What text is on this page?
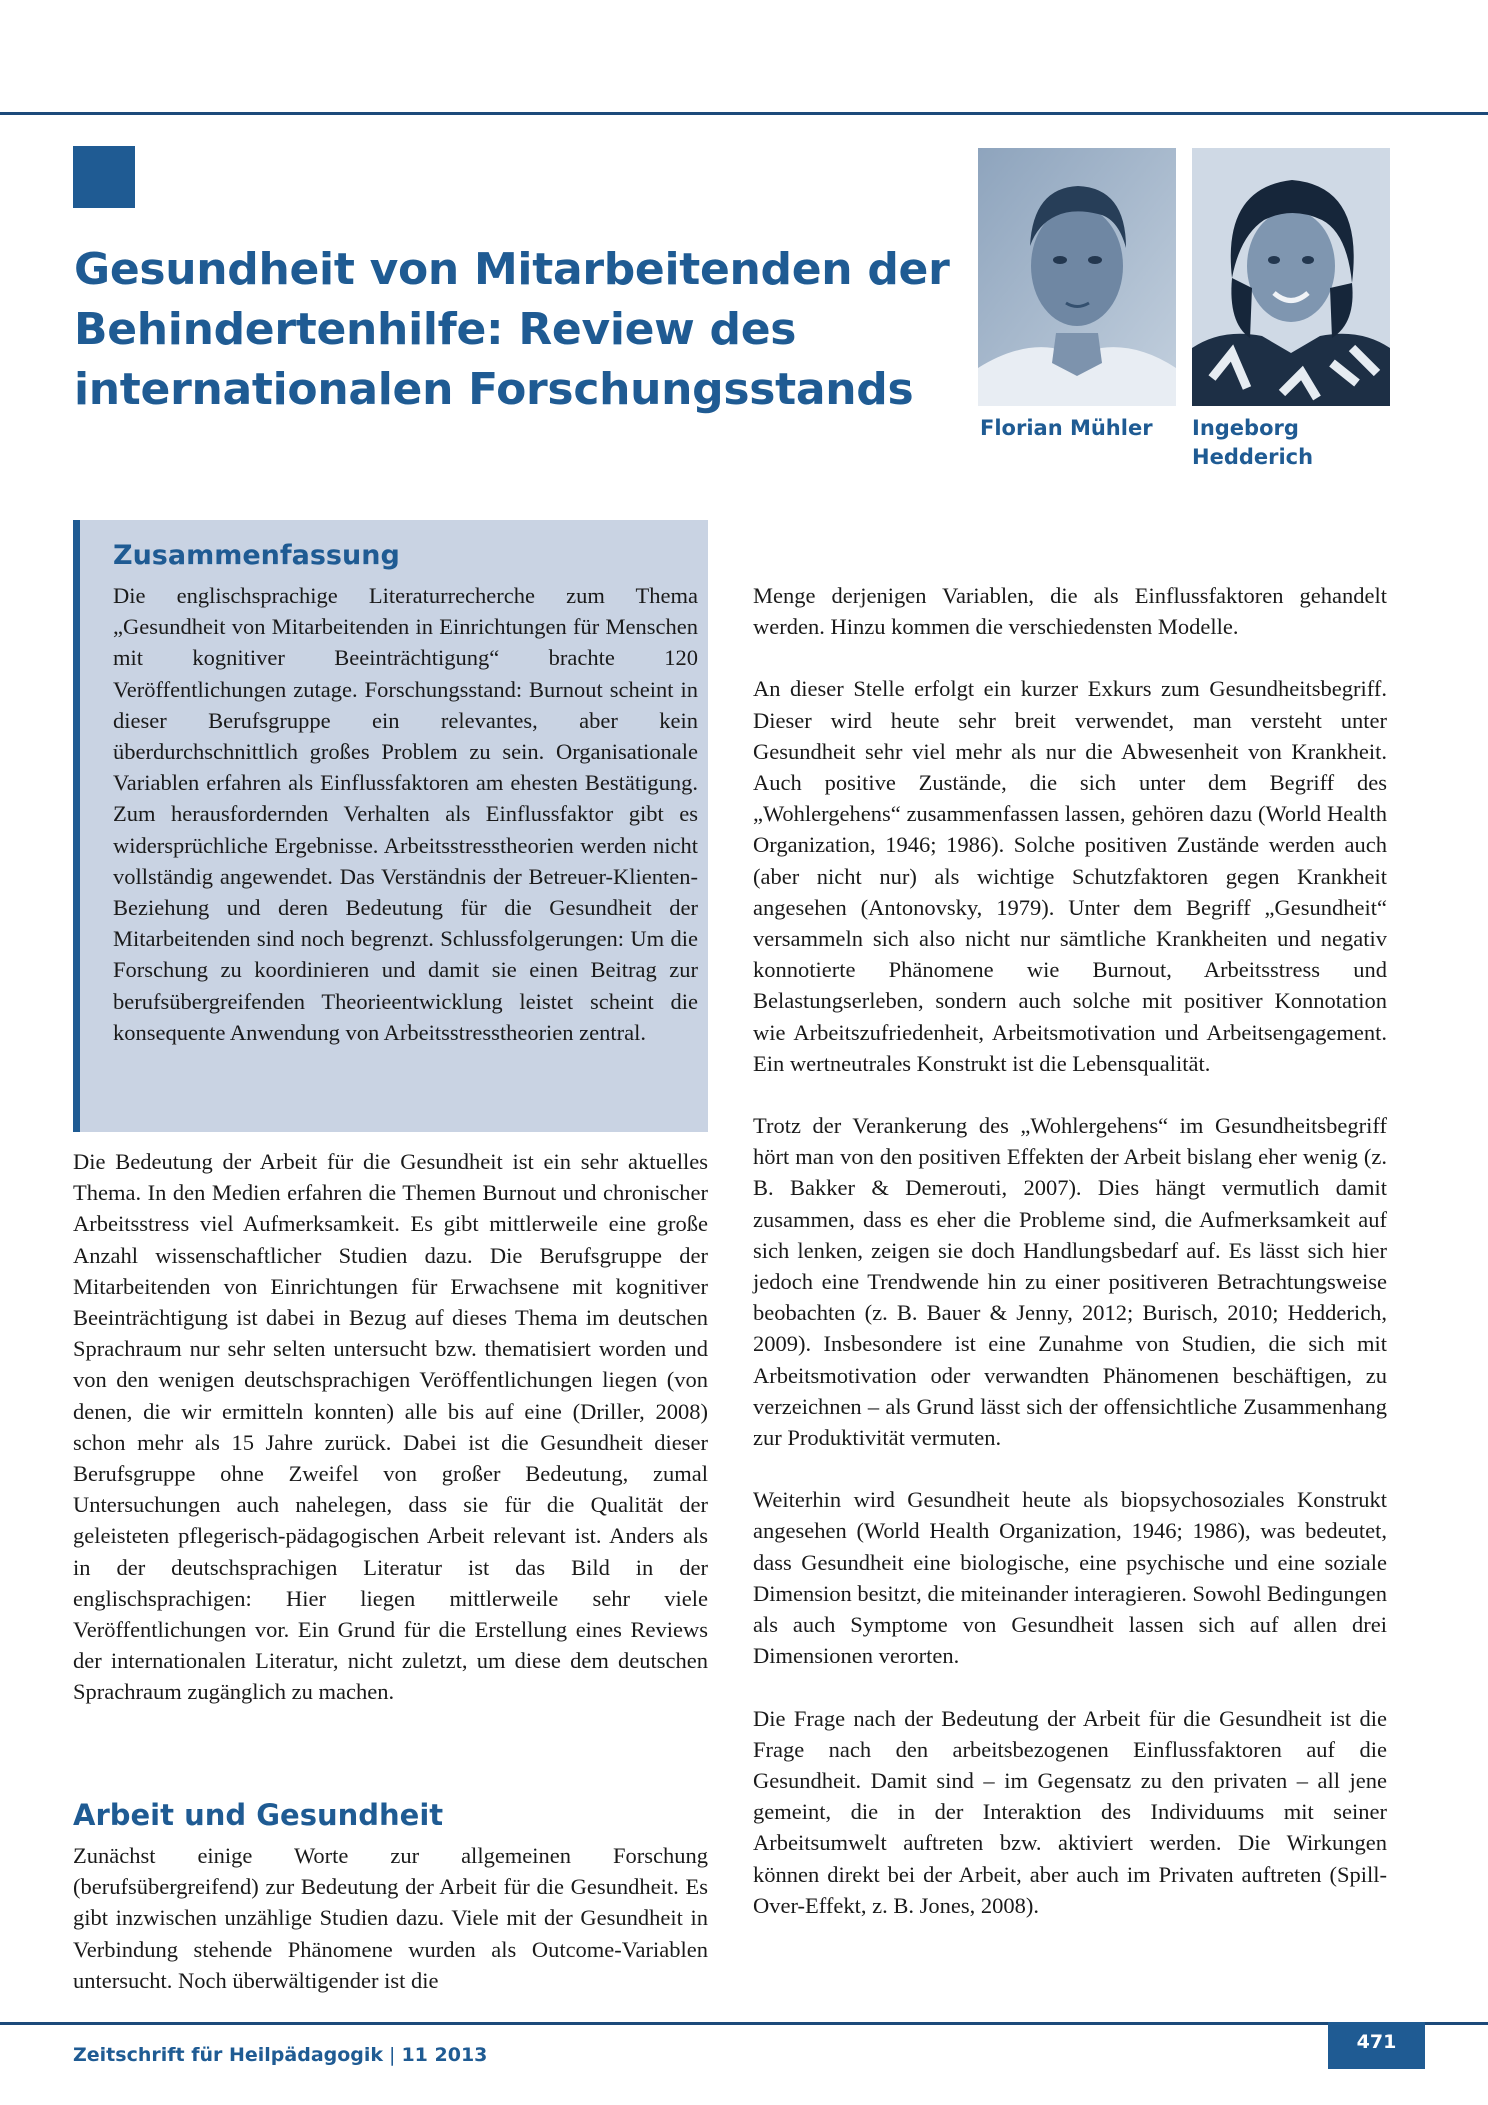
Gesundheit von Mitarbeitenden der Behindertenhilfe: Review des internationalen Forschungsstands
Florian Mühler Ingeborg Hedderich
Zusammenfassung

Die englischsprachige Literaturrecherche zum Thema „Gesundheit von Mitarbeitenden in Einrichtungen für Menschen mit kognitiver Beeinträchtigung“ brachte 120 Veröffentlichungen zutage. Forschungsstand: Burnout scheint in dieser Berufsgruppe ein relevantes, aber kein überdurchschnittlich großes Problem zu sein. Organisationale Variablen erfahren als Einflussfaktoren am ehesten Bestätigung. Zum herausfordernden Verhalten als Einflussfaktor gibt es widersprüchliche Ergebnisse. Arbeitsstresstheorien werden nicht vollständig angewendet. Das Verständnis der Betreuer-Klienten-Beziehung und deren Bedeutung für die Gesundheit der Mitarbeitenden sind noch begrenzt. Schlussfolgerungen: Um die Forschung zu koordinieren und damit sie einen Beitrag zur berufsübergreifenden Theorieentwicklung leistet scheint die konsequente Anwendung von Arbeitsstresstheorien zentral.

Die Bedeutung der Arbeit für die Gesundheit ist ein sehr aktuelles Thema. In den Medien erfahren die Themen Burnout und chronischer Arbeitsstress viel Aufmerksamkeit. Es gibt mittlerweile eine große Anzahl wissenschaftlicher Studien dazu. Die Berufsgruppe der Mitarbeitenden von Einrichtungen für Erwachsene mit kognitiver Beeinträchtigung ist dabei in Bezug auf dieses Thema im deutschen Sprachraum nur sehr selten untersucht bzw. thematisiert worden und von den wenigen deutschsprachigen Veröffentlichungen liegen (von denen, die wir ermitteln konnten) alle bis auf eine (Driller, 2008) schon mehr als 15 Jahre zurück. Dabei ist die Gesundheit dieser Berufsgruppe ohne Zweifel von großer Bedeutung, zumal Untersuchungen auch nahelegen, dass sie für die Qualität der geleisteten pflegerisch-pädagogischen Arbeit relevant ist. Anders als in der deutschsprachigen Literatur ist das Bild in der englischsprachigen: Hier liegen mittlerweile sehr viele Veröffentlichungen vor. Ein Grund für die Erstellung eines Reviews der internationalen Literatur, nicht zuletzt, um diese dem deutschen Sprachraum zugänglich zu machen.

Arbeit und Gesundheit

Zunächst einige Worte zur allgemeinen Forschung (berufsübergreifend) zur Bedeutung der Arbeit für die Gesundheit. Es gibt inzwischen unzählige Studien dazu. Viele mit der Gesundheit in Verbindung stehende Phänomene wurden als Outcome-Variablen untersucht. Noch überwältigender ist die

Menge derjenigen Variablen, die als Einflussfaktoren gehandelt werden. Hinzu kommen die verschiedensten Modelle.

An dieser Stelle erfolgt ein kurzer Exkurs zum Gesundheitsbegriff. Dieser wird heute sehr breit verwendet, man versteht unter Gesundheit sehr viel mehr als nur die Abwesenheit von Krankheit. Auch positive Zustände, die sich unter dem Begriff des „Wohlergehens“ zusammenfassen lassen, gehören dazu (World Health Organization, 1946; 1986). Solche positiven Zustände werden auch (aber nicht nur) als wichtige Schutzfaktoren gegen Krankheit angesehen (Antonovsky, 1979). Unter dem Begriff „Gesundheit“ versammeln sich also nicht nur sämtliche Krankheiten und negativ konnotierte Phänomene wie Burnout, Arbeitsstress und Belastungserleben, sondern auch solche mit positiver Konnotation wie Arbeitszufriedenheit, Arbeitsmotivation und Arbeitsengagement. Ein wertneutrales Konstrukt ist die Lebensqualität.

Trotz der Verankerung des „Wohlergehens“ im Gesundheitsbegriff hört man von den positiven Effekten der Arbeit bislang eher wenig (z. B. Bakker & Demerouti, 2007). Dies hängt vermutlich damit zusammen, dass es eher die Probleme sind, die Aufmerksamkeit auf sich lenken, zeigen sie doch Handlungsbedarf auf. Es lässt sich hier jedoch eine Trendwende hin zu einer positiveren Betrachtungsweise beobachten (z. B. Bauer & Jenny, 2012; Burisch, 2010; Hedderich, 2009). Insbesondere ist eine Zunahme von Studien, die sich mit Arbeitsmotivation oder verwandten Phänomenen beschäftigen, zu verzeichnen – als Grund lässt sich der offensichtliche Zusammenhang zur Produktivität vermuten.

Weiterhin wird Gesundheit heute als biopsychosoziales Konstrukt angesehen (World Health Organization, 1946; 1986), was bedeutet, dass Gesundheit eine biologische, eine psychische und eine soziale Dimension besitzt, die miteinander interagieren. Sowohl Bedingungen als auch Symptome von Gesundheit lassen sich auf allen drei Dimensionen verorten.

Die Frage nach der Bedeutung der Arbeit für die Gesundheit ist die Frage nach den arbeitsbezogenen Einflussfaktoren auf die Gesundheit. Damit sind – im Gegensatz zu den privaten – all jene gemeint, die in der Interaktion des Individuums mit seiner Arbeitsumwelt auftreten bzw. aktiviert werden. Die Wirkungen können direkt bei der Arbeit, aber auch im Privaten auftreten (Spill-Over-Effekt, z. B. Jones, 2008).

Zeitschrift für Heilpädagogik | 11 2013
471
